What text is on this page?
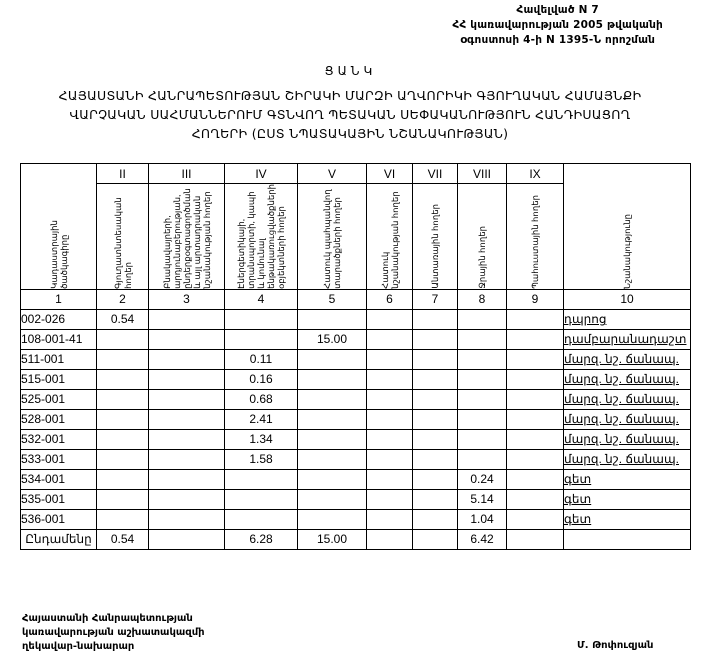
Հավելված N 7
ՀՀ կառավարության 2005 թվականի
օգոստոսի 4-ի N 1395-Ն որոշման
ՑԱՆԿ
ՀԱՅԱՍՏԱՆԻ ՀԱՆՐԱՊԵՏՈՒԹՅԱՆ ՇԻՐԱԿԻ ՄԱՐԶԻ ԱՂՎՈՐԻԿԻ ԳՅՈՒՂԱԿԱՆ ՀԱՄԱՅՆՔԻ
ՎԱՐՉԱԿԱՆ ՍԱՀՄԱՆՆԵՐՈՒՄ ԳՏՆՎՈՂ ՊԵՏԱԿԱՆ ՍԵՓԱԿԱՆՈՒԹՅՈՒՆ ՀԱՆԴԻՍԱՑՈՂ
ՀՈՂԵՐԻ (ԸՍՏ ՆՊԱՏԱԿԱՅԻՆ ՆՇԱՆԱԿՈՒԹՅԱՆ)
Կադաստրային ծածկագիրը	II	III	IV	V	VI	VII	VIII	IX	Նշանակությունը

	Գյուղատնտեսական հողեր	Բնակավայրերի, արդյունաբերության, ընդերքօգտագործման և այլ արտադրական նշանակության հողեր	Էներգետիկայի, տրանսպորտի, կապի և կոմունալ ենթակառուցվածքների օբյեկտների հողեր	Հատուկ պահպանվող տարածքների հողեր	Հատուկ նշանակության հողեր	Անտառային հողեր	Ջրային հողեր	Պահուստային հողեր	

1	2	3	4	5	6	7	8	9	10
002-026	0.54								դպրոց
108-001-41				15.00					դամբարանադաշտ
511-001			0.11						մարզ. նշ. ճանապ.
515-001			0.16						մարզ. նշ. ճանապ.
525-001			0.68						մարզ. նշ. ճանապ.
528-001			2.41						մարզ. նշ. ճանապ.
532-001			1.34						մարզ. նշ. ճանապ.
533-001			1.58						մարզ. նշ. ճանապ.
534-001							0.24		գետ
535-001							5.14		գետ
536-001							1.04		գետ
Ընդամենը	0.54		6.28	15.00			6.42		
Հայաստանի Հանրապետության
կառավարության աշխատակազմի
ղեկավար-նախարար	Մ. Թոփուզյան
